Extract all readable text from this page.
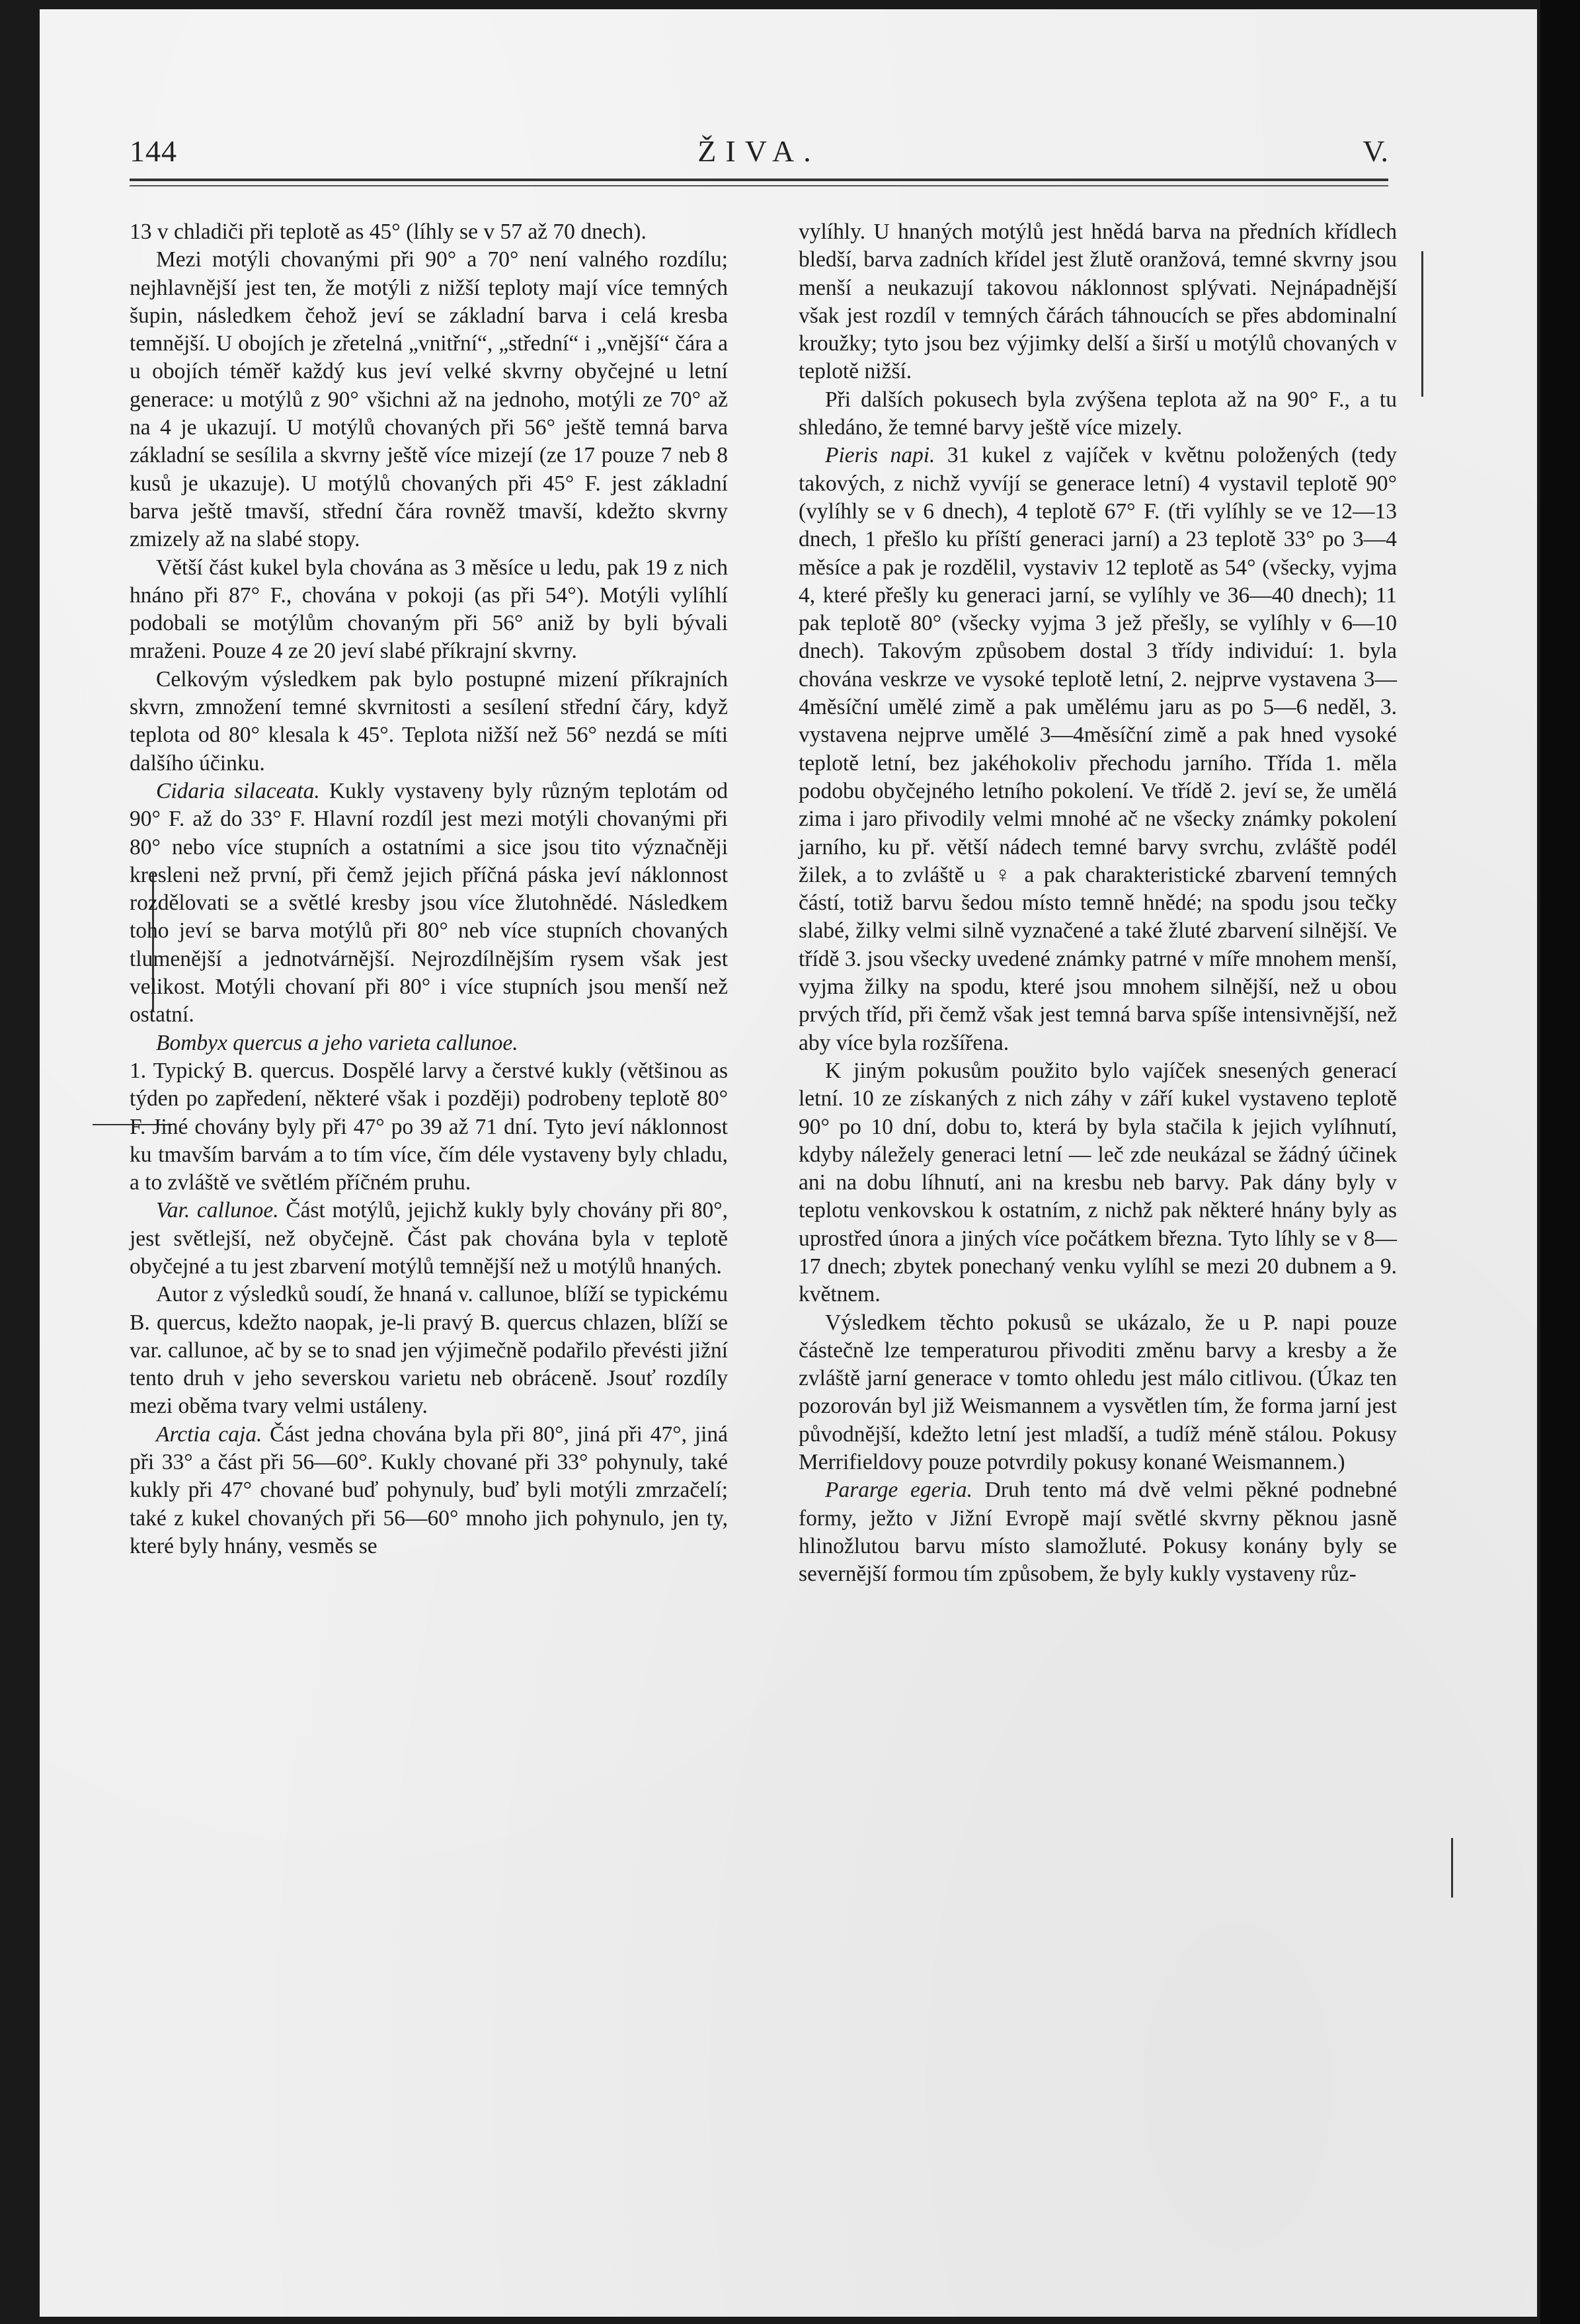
144	ŽIVA.	V.

13 v chladiči při teplotě as 45° (líhly se v 57 až 70 dnech).

Mezi motýli chovanými při 90° a 70° není valného rozdílu; nejhlavnější jest ten, že motýli z nižší teploty mají více temných šupin, následkem čehož jeví se základní barva i celá kresba temnější. U obojích je zřetelná „vnitřní“, „střední“ i „vnější“ čára a u obojích téměř každý kus jeví velké skvrny obyčejné u letní generace: u motýlů z 90° všichni až na jednoho, motýli ze 70° až na 4 je ukazují. U motýlů chovaných při 56° ještě temná barva základní se sesílila a skvrny ještě více mizejí (ze 17 pouze 7 neb 8 kusů je ukazuje). U motýlů chovaných při 45° F. jest základní barva ještě tmavší, střední čára rovněž tmavší, kdežto skvrny zmizely až na slabé stopy.

Větší část kukel byla chována as 3 měsíce u ledu, pak 19 z nich hnáno při 87° F., chována v pokoji (as při 54°). Motýli vylíhlí podobali se motýlům chovaným při 56° aniž by byli bývali mraženi. Pouze 4 ze 20 jeví slabé příkrajní skvrny.

Celkovým výsledkem pak bylo postupné mizení příkrajních skvrn, zmnožení temné skvrnitosti a sesílení střední čáry, když teplota od 80° klesala k 45°. Teplota nižší než 56° nezdá se míti dalšího účinku.

Cidaria silaceata. Kukly vystaveny byly různým teplotám od 90° F. až do 33° F. Hlavní rozdíl jest mezi motýli chovanými při 80° nebo více stupních a ostatními a sice jsou tito význačněji kresleni než první, při čemž jejich příčná páska jeví náklonnost rozdělovati se a světlé kresby jsou více žlutohnědé. Následkem toho jeví se barva motýlů při 80° neb více stupních chovaných tlumenější a jednotvárnější. Nejrozdílnějším rysem však jest velikost. Motýli chovaní při 80° i více stupních jsou menší než ostatní.

Bombyx quercus a jeho varieta callunoe.

1. Typický B. quercus. Dospělé larvy a čerstvé kukly (většinou as týden po zapředení, některé však i později) podrobeny teplotě 80° F. Jiné chovány byly při 47° po 39 až 71 dní. Tyto jeví náklonnost ku tmavším barvám a to tím více, čím déle vystaveny byly chladu, a to zvláště ve světlém příčném pruhu.

Var. callunoe. Část motýlů, jejichž kukly byly chovány při 80°, jest světlejší, než obyčejně. Část pak chována byla v teplotě obyčejné a tu jest zbarvení motýlů temnější než u motýlů hnaných.

Autor z výsledků soudí, že hnaná v. callunoe, blíží se typickému B. quercus, kdežto naopak, je-li pravý B. quercus chlazen, blíží se var. callunoe, ač by se to snad jen výjimečně podařilo převésti jižní tento druh v jeho severskou varietu neb obráceně. Jsouť rozdíly mezi oběma tvary velmi ustáleny.

Arctia caja. Část jedna chována byla při 80°, jiná při 47°, jiná při 33° a část při 56—60°. Kukly chované při 33° pohynuly, také kukly při 47° chované buď pohynuly, buď byli motýli zmrzačelí; také z kukel chovaných při 56—60° mnoho jich pohynulo, jen ty, které byly hnány, vesměs se

vylíhly. U hnaných motýlů jest hnědá barva na předních křídlech bledší, barva zadních křídel jest žlutě oranžová, temné skvrny jsou menší a neukazují takovou náklonnost splývati. Nejnápadnější však jest rozdíl v temných čárách táhnoucích se přes abdominalní kroužky; tyto jsou bez výjimky delší a širší u motýlů chovaných v teplotě nižší.

Při dalších pokusech byla zvýšena teplota až na 90° F., a tu shledáno, že temné barvy ještě více mizely.

Pieris napi. 31 kukel z vajíček v květnu položených (tedy takových, z nichž vyvíjí se generace letní) 4 vystavil teplotě 90° (vylíhly se v 6 dnech), 4 teplotě 67° F. (tři vylíhly se ve 12—13 dnech, 1 přešlo ku příští generaci jarní) a 23 teplotě 33° po 3—4 měsíce a pak je rozdělil, vystaviv 12 teplotě as 54° (všecky, vyjma 4, které přešly ku generaci jarní, se vylíhly ve 36—40 dnech); 11 pak teplotě 80° (všecky vyjma 3 jež přešly, se vylíhly v 6—10 dnech). Takovým způsobem dostal 3 třídy individuí: 1. byla chována veskrze ve vysoké teplotě letní, 2. nejprve vystavena 3—4měsíční umělé zimě a pak umělému jaru as po 5—6 neděl, 3. vystavena nejprve umělé 3—4měsíční zimě a pak hned vysoké teplotě letní, bez jakéhokoliv přechodu jarního. Třída 1. měla podobu obyčejného letního pokolení. Ve třídě 2. jeví se, že umělá zima i jaro přivodily velmi mnohé ač ne všecky známky pokolení jarního, ku př. větší nádech temné barvy svrchu, zvláště podél žilek, a to zvláště u ♀ a pak charakteristické zbarvení temných částí, totiž barvu šedou místo temně hnědé; na spodu jsou tečky slabé, žilky velmi silně vyznačené a také žluté zbarvení silnější. Ve třídě 3. jsou všecky uvedené známky patrné v míře mnohem menší, vyjma žilky na spodu, které jsou mnohem silnější, než u obou prvých tříd, při čemž však jest temná barva spíše intensivnější, než aby více byla rozšířena.

K jiným pokusům použito bylo vajíček snesených generací letní. 10 ze získaných z nich záhy v září kukel vystaveno teplotě 90° po 10 dní, dobu to, která by byla stačila k jejich vylíhnutí, kdyby náležely generaci letní — leč zde neukázal se žádný účinek ani na dobu líhnutí, ani na kresbu neb barvy. Pak dány byly v teplotu venkovskou k ostatním, z nichž pak některé hnány byly as uprostřed února a jiných více počátkem března. Tyto líhly se v 8—17 dnech; zbytek ponechaný venku vylíhl se mezi 20 dubnem a 9. květnem.

Výsledkem těchto pokusů se ukázalo, že u P. napi pouze částečně lze temperaturou přivoditi změnu barvy a kresby a že zvláště jarní generace v tomto ohledu jest málo citlivou. (Úkaz ten pozorován byl již Weismannem a vysvětlen tím, že forma jarní jest původnější, kdežto letní jest mladší, a tudíž méně stálou. Pokusy Merrifieldovy pouze potvrdily pokusy konané Weismannem.)

Pararge egeria. Druh tento má dvě velmi pěkné podnebné formy, ježto v Jižní Evropě mají světlé skvrny pěknou jasně hlinožlutou barvu místo slamožluté. Pokusy konány byly se severnější formou tím způsobem, že byly kukly vystaveny růz-
